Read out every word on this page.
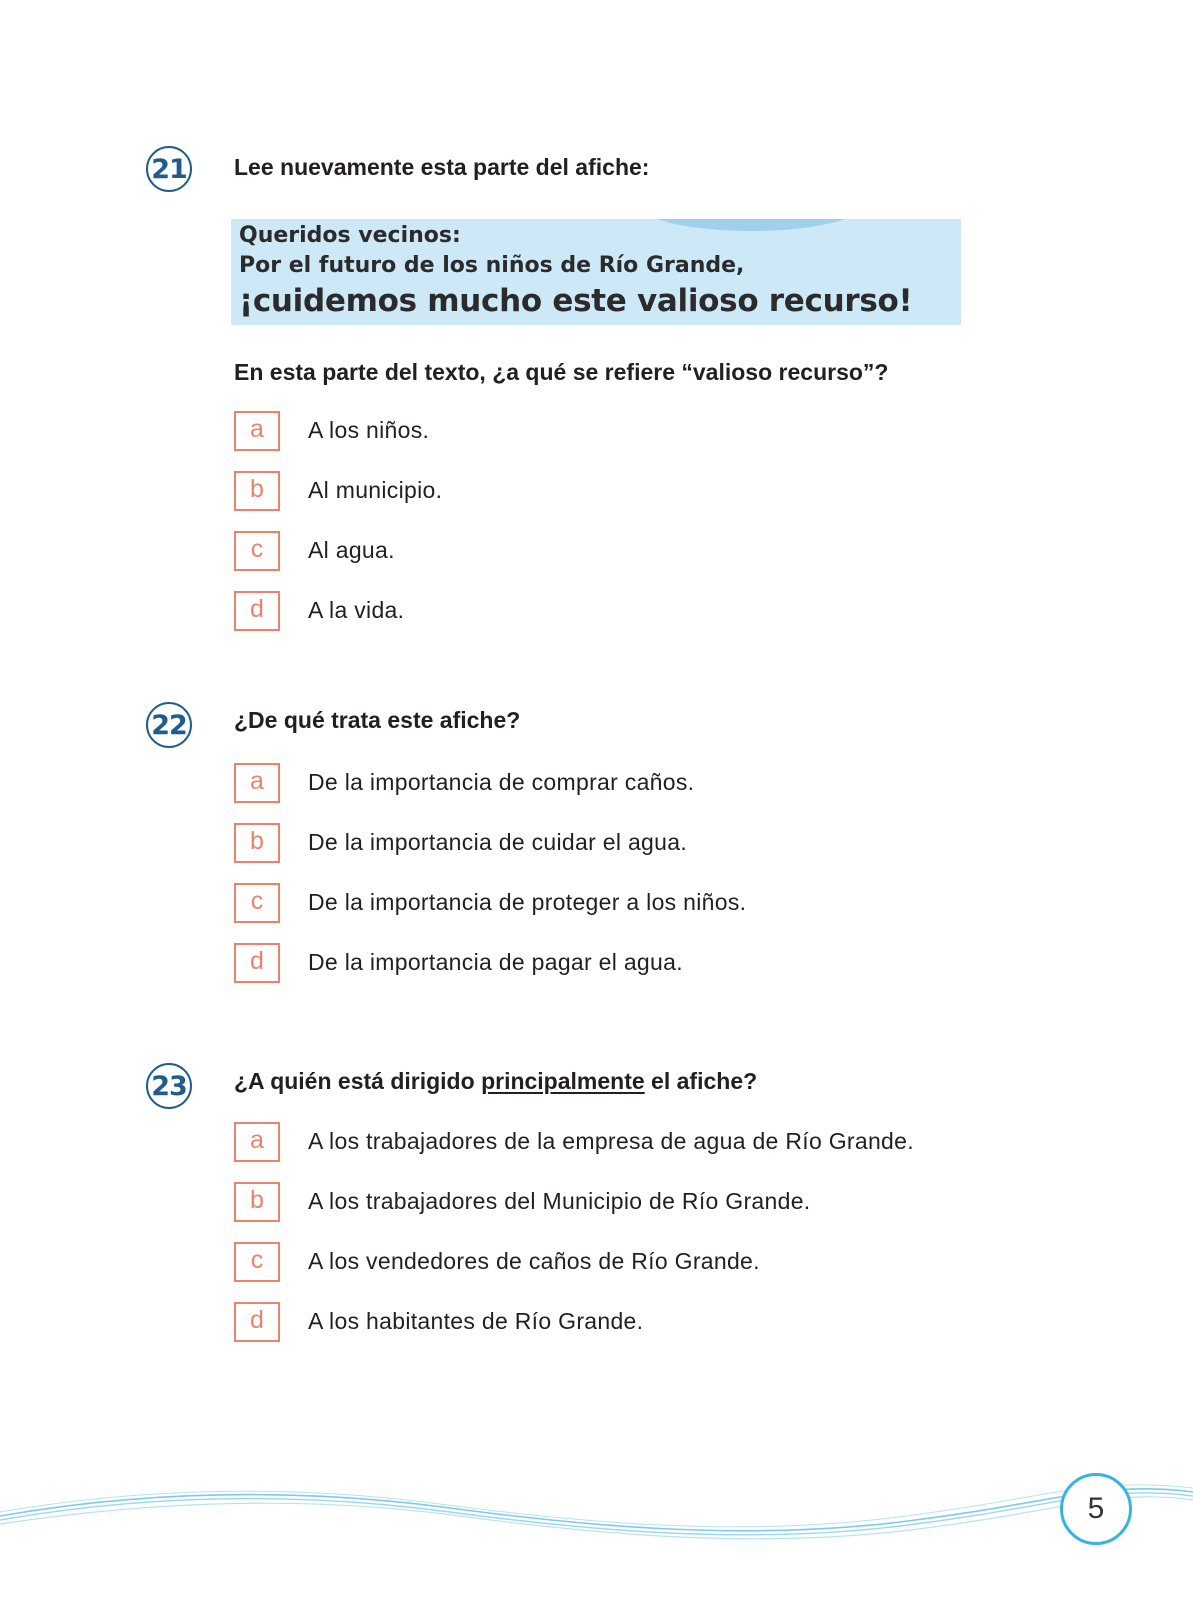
21 Lee nuevamente esta parte del afiche:
Queridos vecinos:
Por el futuro de los niños de Río Grande,
¡cuidemos mucho este valioso recurso!
En esta parte del texto, ¿a qué se refiere “valioso recurso”?
a	A los niños.
b	Al municipio.
c	Al agua.
d	A la vida.
22 ¿De qué trata este afiche?
a	De la importancia de comprar caños.
b	De la importancia de cuidar el agua.
c	De la importancia de proteger a los niños.
d	De la importancia de pagar el agua.
23 ¿A quién está dirigido principalmente el afiche?
a	A los trabajadores de la empresa de agua de Río Grande.
b	A los trabajadores del Municipio de Río Grande.
c	A los vendedores de caños de Río Grande.
d	A los habitantes de Río Grande.
5
